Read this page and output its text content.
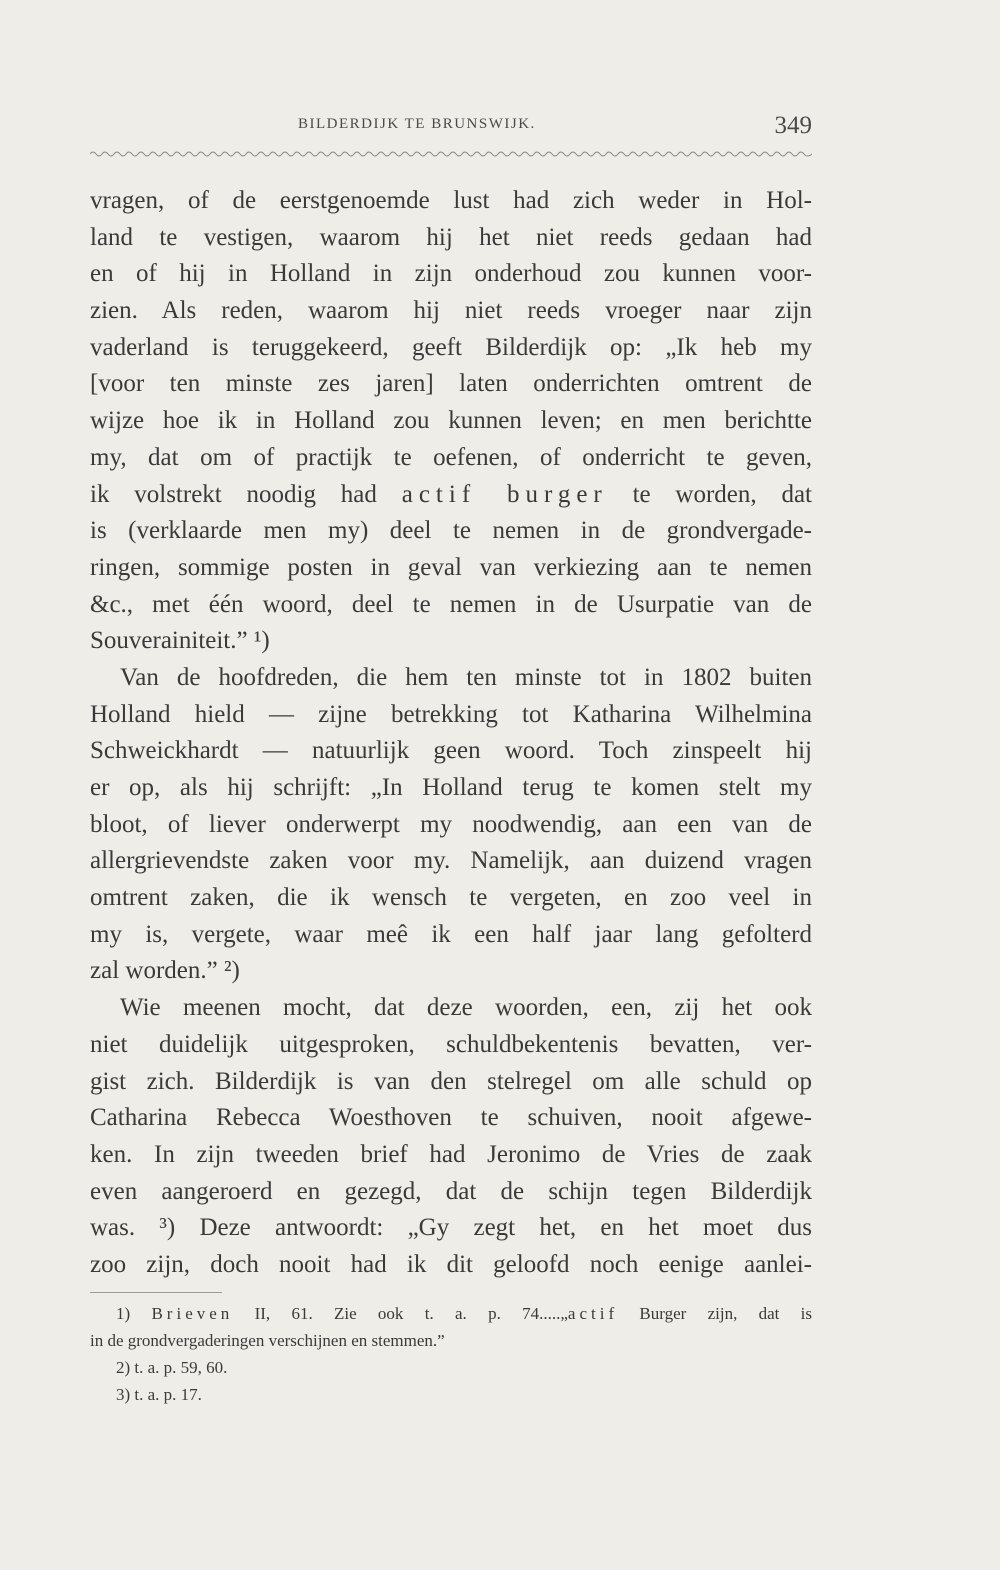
BILDERDIJK TE BRUNSWIJK.	349
vragen, of de eerstgenoemde lust had zich weder in Hol-
land te vestigen, waarom hij het niet reeds gedaan had
en of hij in Holland in zijn onderhoud zou kunnen voor-
zien. Als reden, waarom hij niet reeds vroeger naar zijn
vaderland is teruggekeerd, geeft Bilderdijk op: „Ik heb my
[voor ten minste zes jaren] laten onderrichten omtrent de
wijze hoe ik in Holland zou kunnen leven; en men berichtte
my, dat om of practijk te oefenen, of onderricht te geven,
ik volstrekt noodig had actif burger te worden, dat
is (verklaarde men my) deel te nemen in de grondvergade-
ringen, sommige posten in geval van verkiezing aan te nemen
&c., met één woord, deel te nemen in de Usurpatie van de
Souverainiteit.” ¹)
Van de hoofdreden, die hem ten minste tot in 1802 buiten
Holland hield — zijne betrekking tot Katharina Wilhelmina
Schweickhardt — natuurlijk geen woord. Toch zinspeelt hij
er op, als hij schrijft: „In Holland terug te komen stelt my
bloot, of liever onderwerpt my noodwendig, aan een van de
allergrievendste zaken voor my. Namelijk, aan duizend vragen
omtrent zaken, die ik wensch te vergeten, en zoo veel in
my is, vergete, waar meê ik een half jaar lang gefolterd
zal worden.” ²)
Wie meenen mocht, dat deze woorden, een, zij het ook
niet duidelijk uitgesproken, schuldbekentenis bevatten, ver-
gist zich. Bilderdijk is van den stelregel om alle schuld op
Catharina Rebecca Woesthoven te schuiven, nooit afgewe-
ken. In zijn tweeden brief had Jeronimo de Vries de zaak
even aangeroerd en gezegd, dat de schijn tegen Bilderdijk
was. ³) Deze antwoordt: „Gy zegt het, en het moet dus
zoo zijn, doch nooit had ik dit geloofd noch eenige aanlei-
1) Brieven II, 61. Zie ook t. a. p. 74.....„actif Burger zijn, dat is
in de grondvergaderingen verschijnen en stemmen.”
2) t. a. p. 59, 60.
3) t. a. p. 17.
